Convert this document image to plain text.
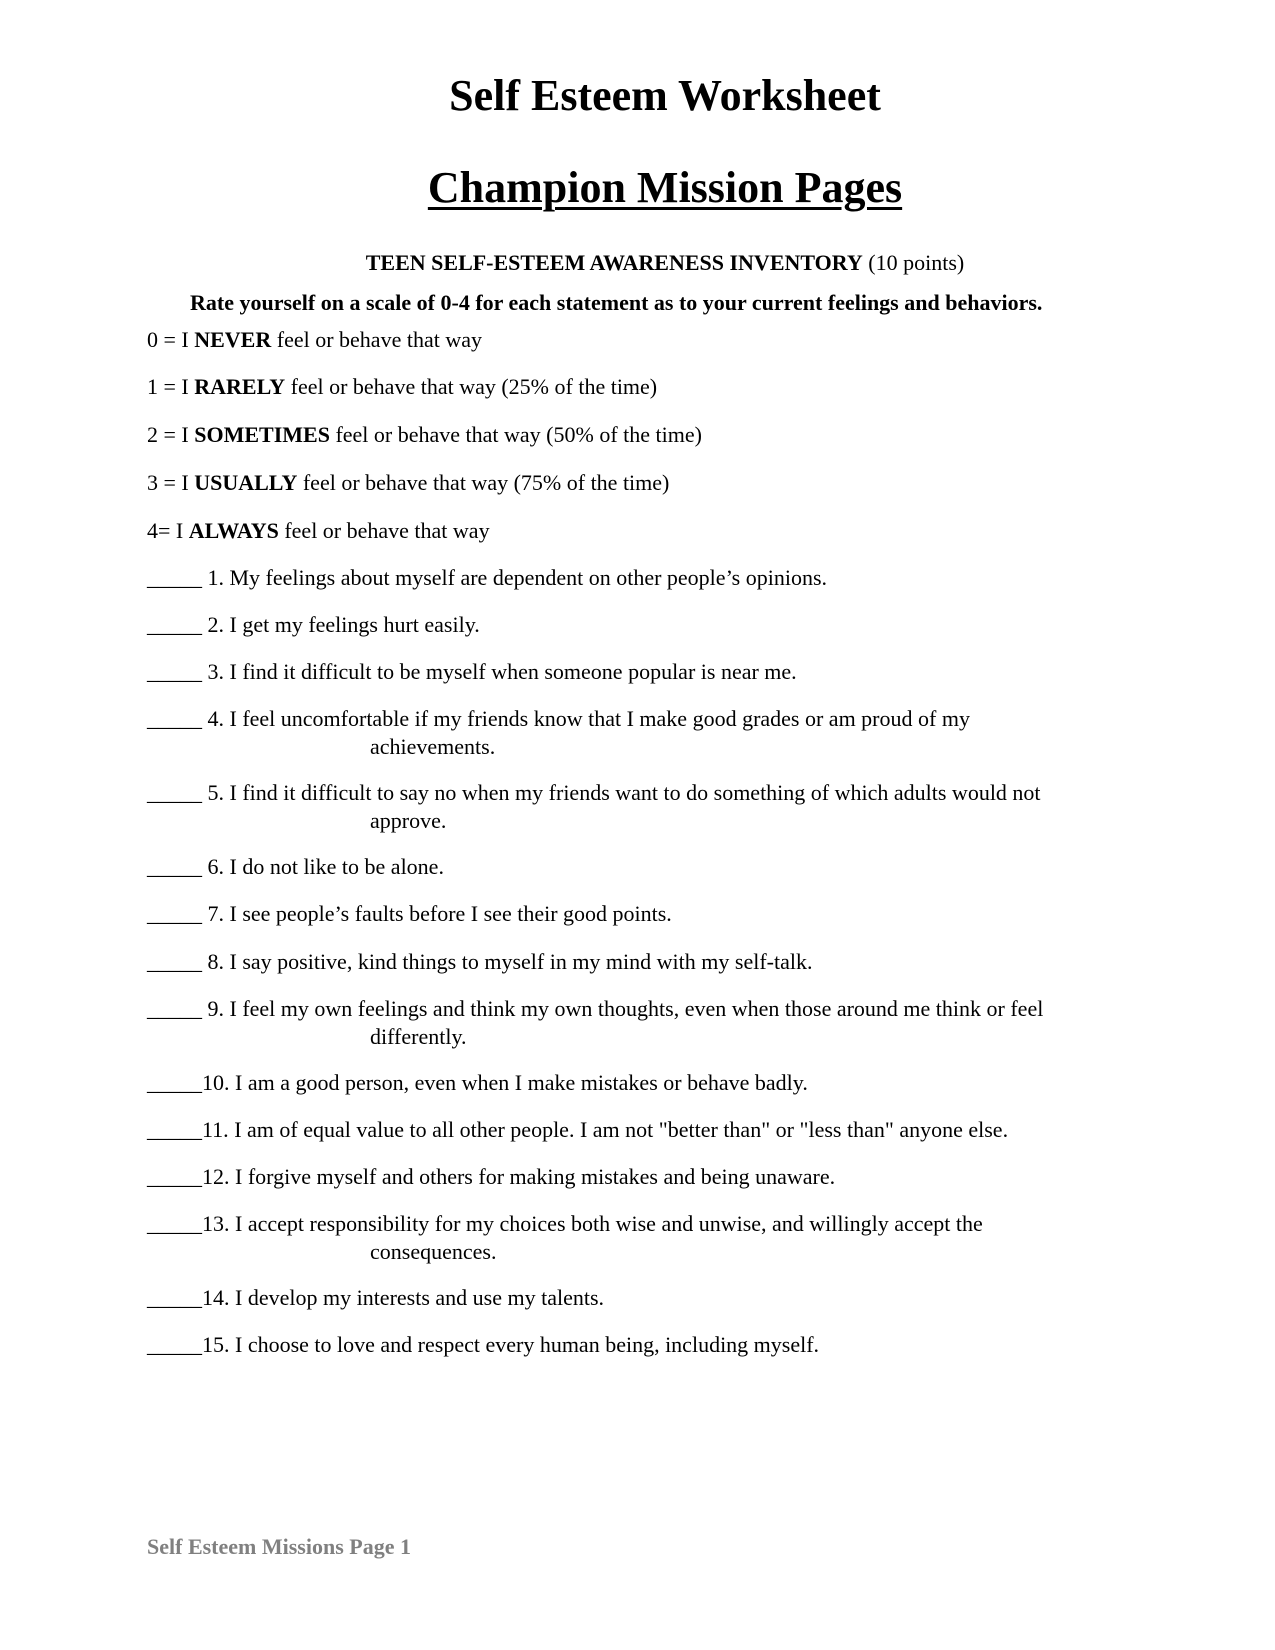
Self Esteem Worksheet
Champion Mission Pages
TEEN SELF-ESTEEM AWARENESS INVENTORY (10 points)
Rate yourself on a scale of 0-4 for each statement as to your current feelings and behaviors.
0 = I NEVER feel or behave that way
1 = I RARELY feel or behave that way (25% of the time)
2 = I SOMETIMES feel or behave that way (50% of the time)
3 = I USUALLY feel or behave that way (75% of the time)
4= I ALWAYS feel or behave that way
_____ 1. My feelings about myself are dependent on other people’s opinions.
_____ 2. I get my feelings hurt easily.
_____ 3. I find it difficult to be myself when someone popular is near me.
_____ 4. I feel uncomfortable if my friends know that I make good grades or am proud of my
achievements.
_____ 5. I find it difficult to say no when my friends want to do something of which adults would not
approve.
_____ 6. I do not like to be alone.
_____ 7. I see people’s faults before I see their good points.
_____ 8. I say positive, kind things to myself in my mind with my self-talk.
_____ 9. I feel my own feelings and think my own thoughts, even when those around me think or feel
differently.
_____10. I am a good person, even when I make mistakes or behave badly.
_____11. I am of equal value to all other people. I am not "better than" or "less than" anyone else.
_____12. I forgive myself and others for making mistakes and being unaware.
_____13. I accept responsibility for my choices both wise and unwise, and willingly accept the
consequences.
_____14. I develop my interests and use my talents.
_____15. I choose to love and respect every human being, including myself.
Self Esteem Missions Page 1
